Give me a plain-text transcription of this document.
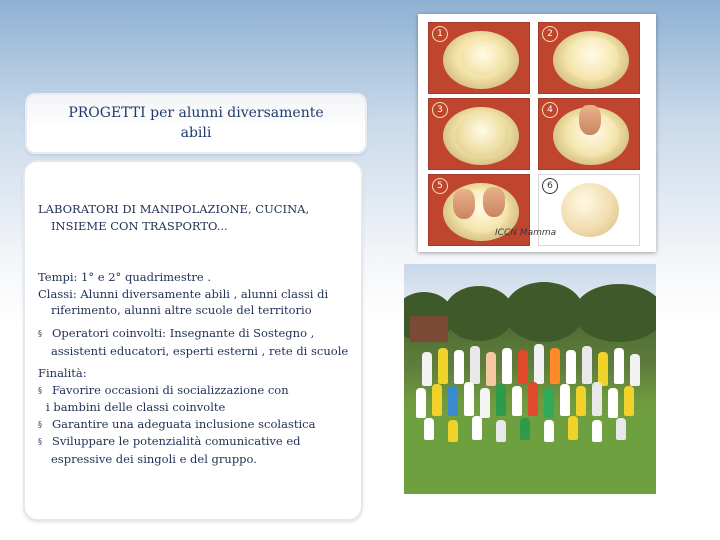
PROGETTI per alunni diversamente
abili
LABORATORI DI MANIPOLAZIONE, CUCINA,

INSIEME CON TRASPORTO...
Tempi: 1° e 2° quadrimestre .
Classi: Alunni diversamente abili , alunni classi di

riferimento, alunni altre scuole del territorio
§ Operatori coinvolti: Insegnante di Sostegno ,

assistenti educatori, esperti esterni , rete di scuole
Finalità:
§ Favorire occasioni di socializzazione con
i bambini delle classi coinvolte
§ Garantire una adeguata inclusione scolastica
§ Sviluppare le potenzialità comunicative ed

espressive dei singoli e del gruppo.
1	2
3	4
5	6
ICCN Mamma
